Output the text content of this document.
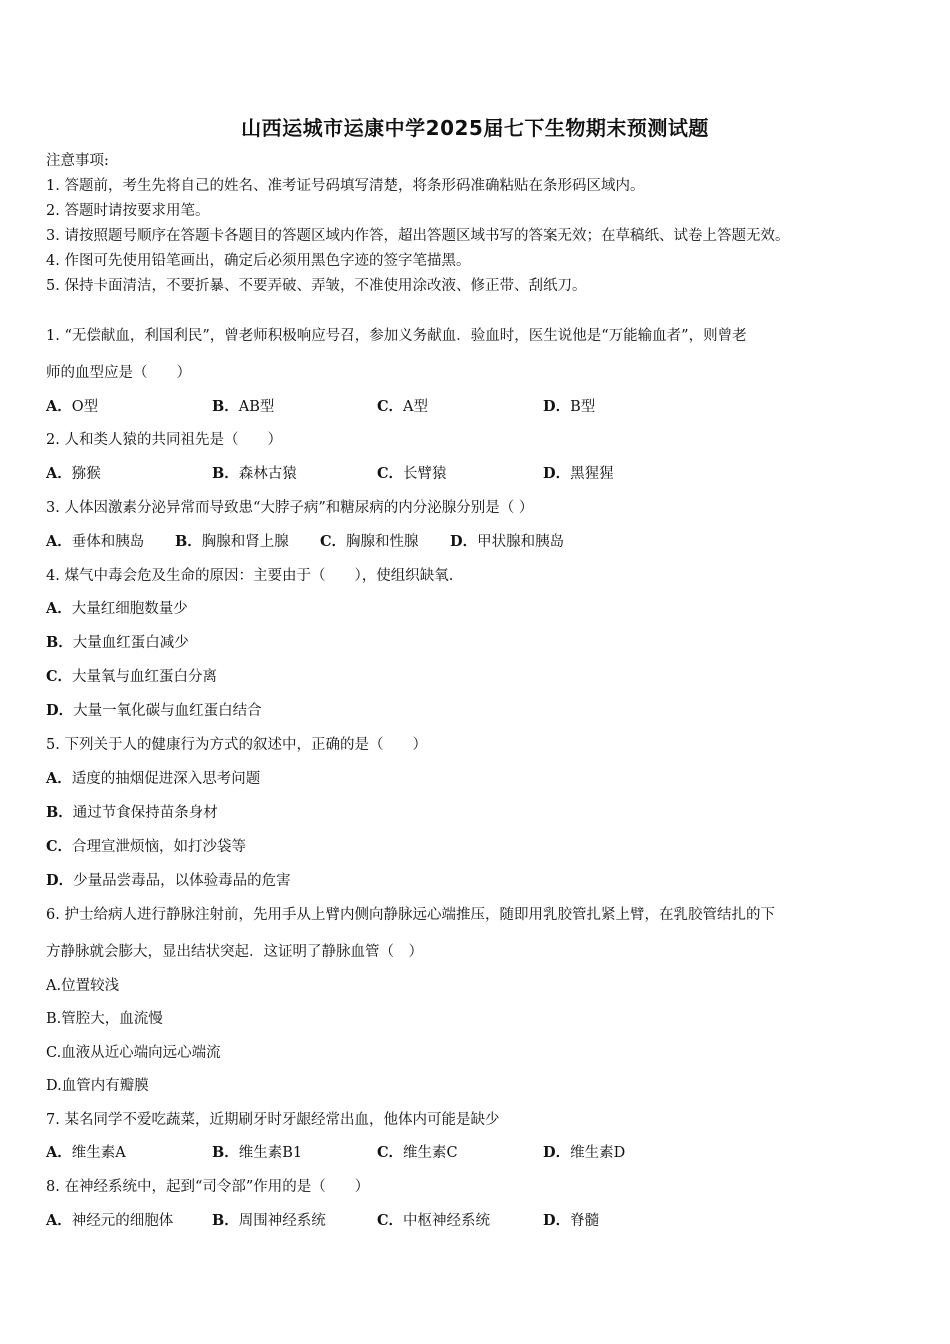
山西运城市运康中学2025届七下生物期末预测试题
注意事项:
1. 答题前，考生先将自己的姓名、准考证号码填写清楚，将条形码准确粘贴在条形码区域内。
2. 答题时请按要求用笔。
3. 请按照题号顺序在答题卡各题目的答题区域内作答，超出答题区域书写的答案无效；在草稿纸、试卷上答题无效。
4. 作图可先使用铅笔画出，确定后必须用黑色字迹的签字笔描黑。
5. 保持卡面清洁，不要折暴、不要弄破、弄皱，不准使用涂改液、修正带、刮纸刀。
1. “无偿献血，利国利民”，曾老师积极响应号召，参加义务献血．验血时，医生说他是“万能输血者”，则曾老
师的血型应是（　　）
A．O型	B．AB型	C．A型	D．B型
2. 人和类人猿的共同祖先是（　　）
A．猕猴	B．森林古猿	C．长臂猿	D．黑猩猩
3. 人体因激素分泌异常而导致患“大脖子病”和糖尿病的内分泌腺分别是（ ）
A．垂体和胰岛 B．胸腺和肾上腺 C．胸腺和性腺 D．甲状腺和胰岛
4. 煤气中毒会危及生命的原因：主要由于（　　），使组织缺氧.
A．大量红细胞数量少
B．大量血红蛋白减少
C．大量氧与血红蛋白分离
D．大量一氧化碳与血红蛋白结合
5. 下列关于人的健康行为方式的叙述中，正确的是（　　）
A．适度的抽烟促进深入思考问题
B．通过节食保持苗条身材
C．合理宣泄烦恼，如打沙袋等
D．少量品尝毒品，以体验毒品的危害
6. 护士给病人进行静脉注射前，先用手从上臂内侧向静脉远心端推压，随即用乳胶管扎紧上臂，在乳胶管结扎的下
方静脉就会膨大，显出结状突起．这证明了静脉血管（　）
A.位置较浅
B.管腔大，血流慢
C.血液从近心端向远心端流
D.血管内有瓣膜
7. 某名同学不爱吃蔬菜，近期刷牙时牙龈经常出血，他体内可能是缺少
A．维生素A	B．维生素B1	C．维生素C	D．维生素D
8. 在神经系统中，起到“司令部”作用的是（　　）
A．神经元的细胞体	B．周围神经系统	C．中枢神经系统	D．脊髓
